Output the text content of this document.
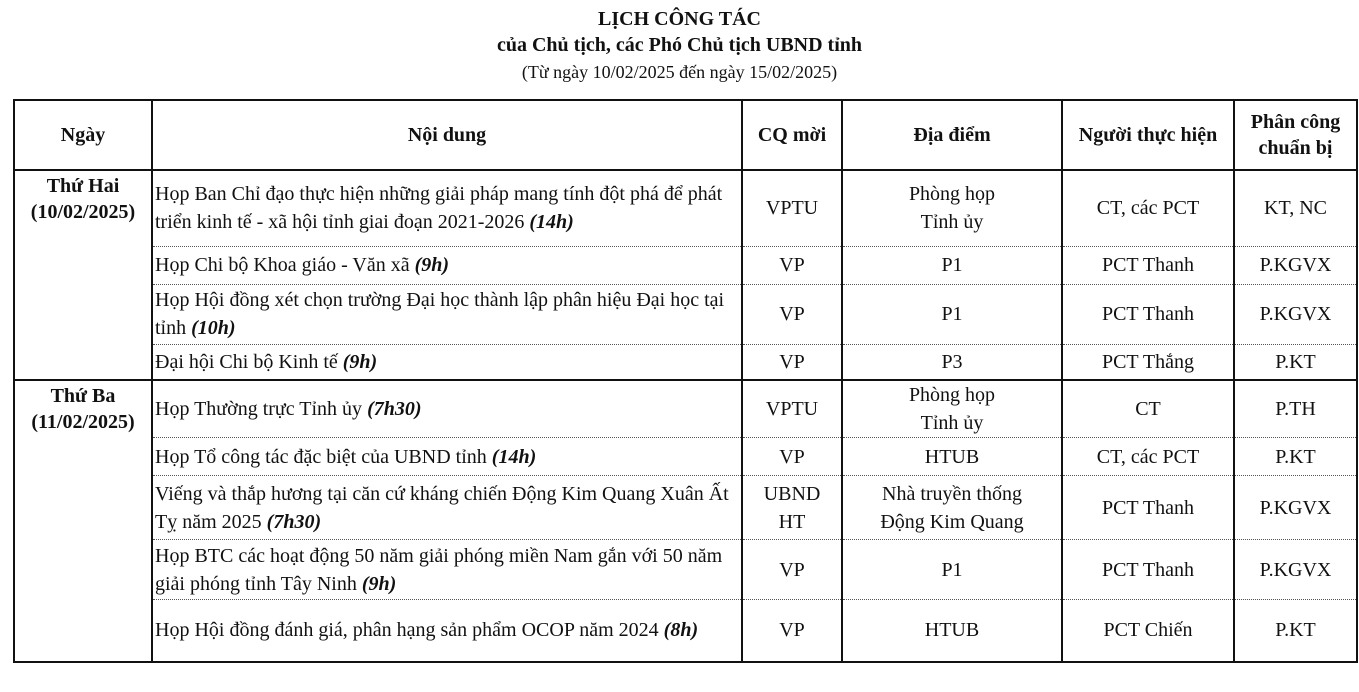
LỊCH CÔNG TÁC
của Chủ tịch, các Phó Chủ tịch UBND tỉnh
(Từ ngày 10/02/2025 đến ngày 15/02/2025)
Ngày	Nội dung	CQ mời	Địa điểm	Người thực hiện	Phân công
chuẩn bị

Thứ Hai
(10/02/2025)	Họp Ban Chỉ đạo thực hiện những giải pháp mang tính đột phá để phát triển kinh tế - xã hội tỉnh giai đoạn 2021-2026 (14h)	VPTU	Phòng họp
Tỉnh ủy	CT, các PCT	KT, NC
	Họp Chi bộ Khoa giáo - Văn xã (9h)	VP	P1	PCT Thanh	P.KGVX
	Họp Hội đồng xét chọn trường Đại học thành lập phân hiệu Đại học tại tỉnh (10h)	VP	P1	PCT Thanh	P.KGVX
	Đại hội Chi bộ Kinh tế (9h)	VP	P3	PCT Thắng	P.KT

Thứ Ba
(11/02/2025)	Họp Thường trực Tỉnh ủy (7h30)	VPTU	Phòng họp
Tỉnh ủy	CT	P.TH
	Họp Tổ công tác đặc biệt của UBND tỉnh (14h)	VP	HTUB	CT, các PCT	P.KT
	Viếng và thắp hương tại căn cứ kháng chiến Động Kim Quang Xuân Ất Tỵ năm 2025 (7h30)	UBND
HT	Nhà truyền thống
Động Kim Quang	PCT Thanh	P.KGVX
	Họp BTC các hoạt động 50 năm giải phóng miền Nam gắn với 50 năm giải phóng tỉnh Tây Ninh (9h)	VP	P1	PCT Thanh	P.KGVX
	Họp Hội đồng đánh giá, phân hạng sản phẩm OCOP năm 2024 (8h)	VP	HTUB	PCT Chiến	P.KT
